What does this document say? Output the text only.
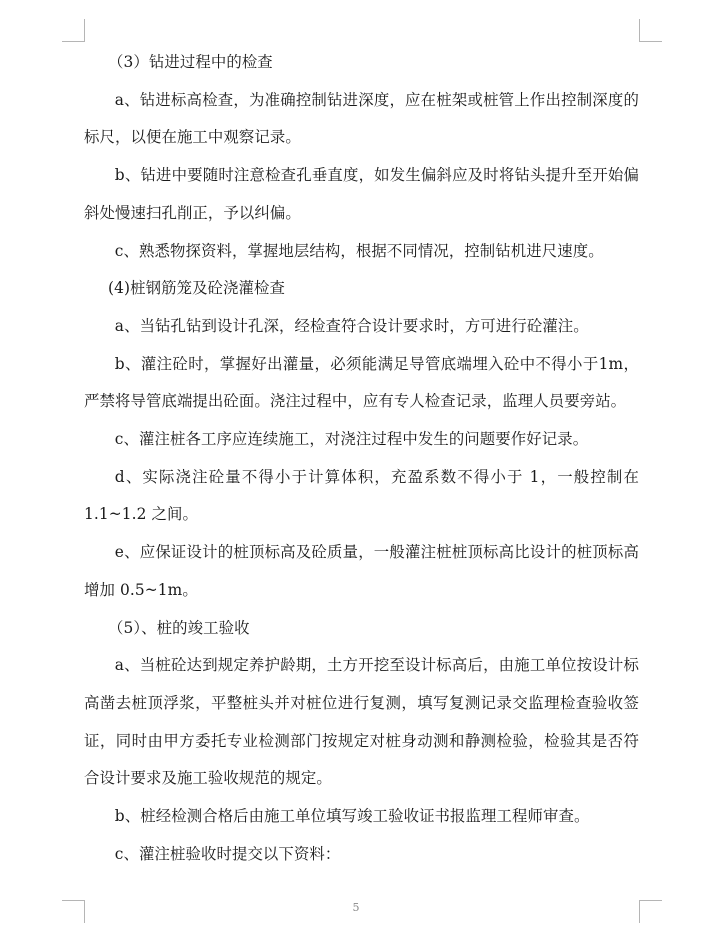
（3）钻进过程中的检查

a、钻进标高检查，为准确控制钻进深度，应在桩架或桩管上作出控制深度的标尺，以便在施工中观察记录。

b、钻进中要随时注意检查孔垂直度，如发生偏斜应及时将钻头提升至开始偏斜处慢速扫孔削正，予以纠偏。

c、熟悉物探资料，掌握地层结构，根据不同情况，控制钻机进尺速度。

(4)桩钢筋笼及砼浇灌检查

a、当钻孔钻到设计孔深，经检查符合设计要求时，方可进行砼灌注。

b、灌注砼时，掌握好出灌量，必须能满足导管底端埋入砼中不得小于1m，严禁将导管底端提出砼面。浇注过程中，应有专人检查记录，监理人员要旁站。

c、灌注桩各工序应连续施工，对浇注过程中发生的问题要作好记录。

d、实际浇注砼量不得小于计算体积，充盈系数不得小于 1，一般控制在 1.1~1.2 之间。

e、应保证设计的桩顶标高及砼质量，一般灌注桩桩顶标高比设计的桩顶标高增加 0.5~1m。

（5）、桩的竣工验收

a、当桩砼达到规定养护龄期，土方开挖至设计标高后，由施工单位按设计标高凿去桩顶浮浆，平整桩头并对桩位进行复测，填写复测记录交监理检查验收签证，同时由甲方委托专业检测部门按规定对桩身动测和静测检验，检验其是否符合设计要求及施工验收规范的规定。

b、桩经检测合格后由施工单位填写竣工验收证书报监理工程师审查。

c、灌注桩验收时提交以下资料：

5
